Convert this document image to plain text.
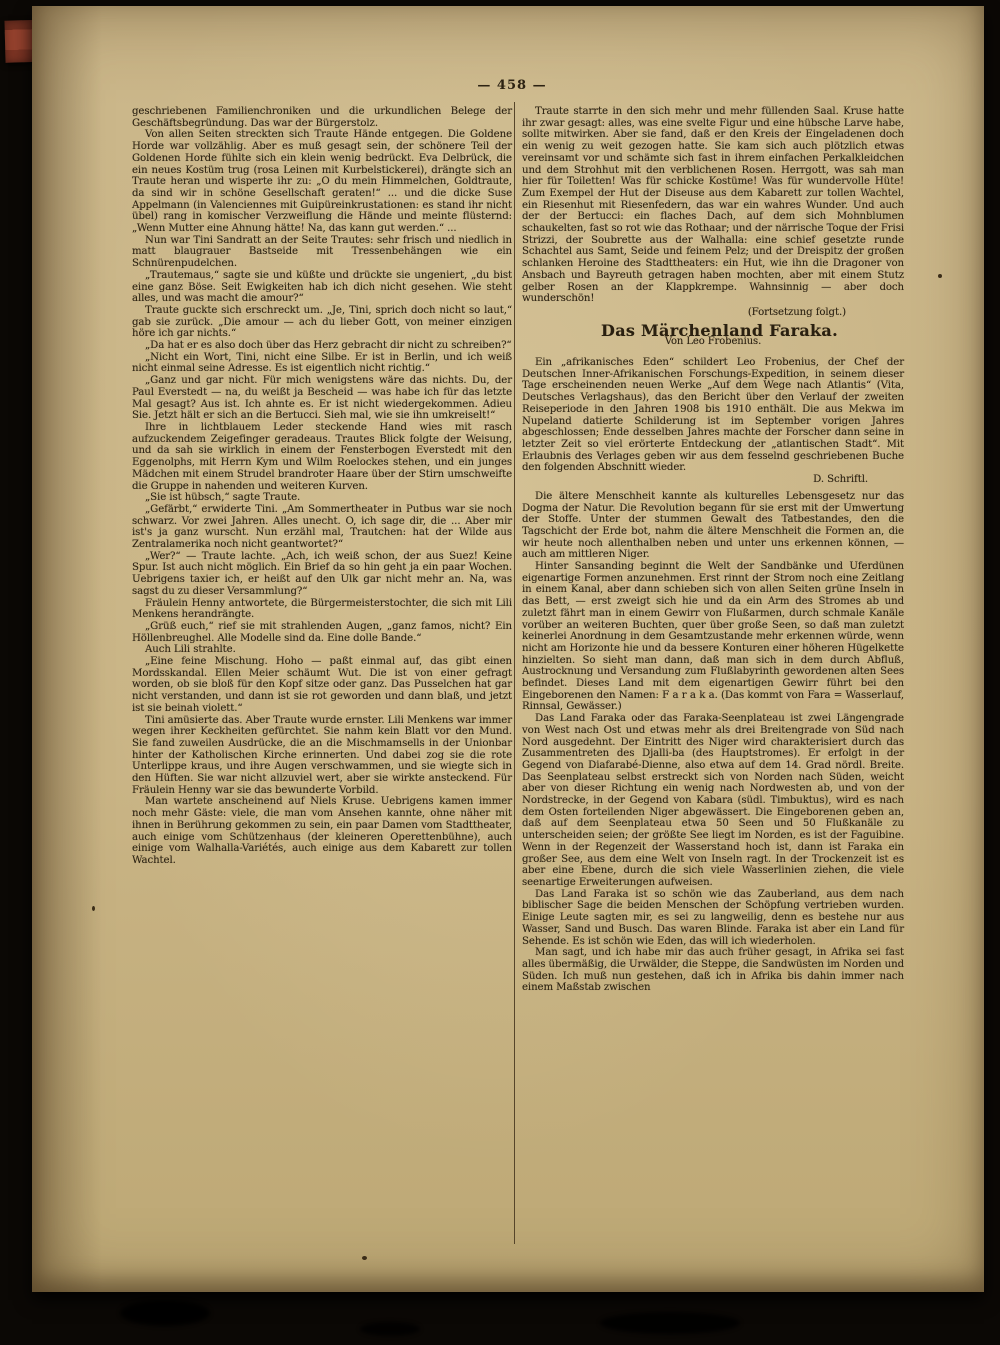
— 458 —

geschriebenen Familienchroniken und die urkundlichen Belege der Geschäftsbegründung. Das war der Bürgerstolz.

Von allen Seiten streckten sich Traute Hände entgegen. Die Goldene Horde war vollzählig. Aber es muß gesagt sein, der schönere Teil der Goldenen Horde fühlte sich ein klein wenig bedrückt. Eva Delbrück, die ein neues Kostüm trug (rosa Leinen mit Kurbelstickerei), drängte sich an Traute heran und wisperte ihr zu: „O du mein Himmelchen, Goldtraute, da sind wir in schöne Gesellschaft geraten!“ ... und die dicke Suse Appelmann (in Valenciennes mit Guipüreinkrustationen: es stand ihr nicht übel) rang in komischer Verzweiflung die Hände und meinte flüsternd: „Wenn Mutter eine Ahnung hätte! Na, das kann gut werden.“ ...

Nun war Tini Sandratt an der Seite Trautes: sehr frisch und niedlich in matt blaugrauer Bastseide mit Tressenbehängen wie ein Schnürenpudelchen.

„Trautemaus,“ sagte sie und küßte und drückte sie ungeniert, „du bist eine ganz Böse. Seit Ewigkeiten hab ich dich nicht gesehen. Wie steht alles, und was macht die amour?“

Traute guckte sich erschreckt um. „Je, Tini, sprich doch nicht so laut,“ gab sie zurück. „Die amour — ach du lieber Gott, von meiner einzigen höre ich gar nichts.“

„Da hat er es also doch über das Herz gebracht dir nicht zu schreiben?“

„Nicht ein Wort, Tini, nicht eine Silbe. Er ist in Berlin, und ich weiß nicht einmal seine Adresse. Es ist eigentlich nicht richtig.“

„Ganz und gar nicht. Für mich wenigstens wäre das nichts. Du, der Paul Everstedt — na, du weißt ja Bescheid — was habe ich für das letzte Mal gesagt? Aus ist. Ich ahnte es. Er ist nicht wiedergekommen. Adieu Sie. Jetzt hält er sich an die Bertucci. Sieh mal, wie sie ihn umkreiselt!“

Ihre in lichtblauem Leder steckende Hand wies mit rasch aufzuckendem Zeigefinger geradeaus. Trautes Blick folgte der Weisung, und da sah sie wirklich in einem der Fensterbogen Everstedt mit den Eggenolphs, mit Herrn Kym und Wilm Roelockes stehen, und ein junges Mädchen mit einem Strudel brandroter Haare über der Stirn umschweifte die Gruppe in nahenden und weiteren Kurven.

„Sie ist hübsch,“ sagte Traute.

„Gefärbt,“ erwiderte Tini. „Am Sommertheater in Putbus war sie noch schwarz. Vor zwei Jahren. Alles unecht. O, ich sage dir, die ... Aber mir ist's ja ganz wurscht. Nun erzähl mal, Trautchen: hat der Wilde aus Zentralamerika noch nicht geantwortet?“

„Wer?“ — Traute lachte. „Ach, ich weiß schon, der aus Suez! Keine Spur. Ist auch nicht möglich. Ein Brief da so hin geht ja ein paar Wochen. Uebrigens taxier ich, er heißt auf den Ulk gar nicht mehr an. Na, was sagst du zu dieser Versammlung?“

Fräulein Henny antwortete, die Bürgermeisterstochter, die sich mit Lili Menkens herandrängte.

„Grüß euch,“ rief sie mit strahlenden Augen, „ganz famos, nicht? Ein Höllenbreughel. Alle Modelle sind da. Eine dolle Bande.“

Auch Lili strahlte.

„Eine feine Mischung. Hoho — paßt einmal auf, das gibt einen Mordsskandal. Ellen Meier schäumt Wut. Die ist von einer gefragt worden, ob sie bloß für den Kopf sitze oder ganz. Das Pusselchen hat gar nicht verstanden, und dann ist sie rot geworden und dann blaß, und jetzt ist sie beinah violett.“

Tini amüsierte das. Aber Traute wurde ernster. Lili Menkens war immer wegen ihrer Keckheiten gefürchtet. Sie nahm kein Blatt vor den Mund. Sie fand zuweilen Ausdrücke, die an die Mischmamsells in der Unionbar hinter der Katholischen Kirche erinnerten. Und dabei zog sie die rote Unterlippe kraus, und ihre Augen verschwammen, und sie wiegte sich in den Hüften. Sie war nicht allzuviel wert, aber sie wirkte ansteckend. Für Fräulein Henny war sie das bewunderte Vorbild.

Man wartete anscheinend auf Niels Kruse. Uebrigens kamen immer noch mehr Gäste: viele, die man vom Ansehen kannte, ohne näher mit ihnen in Berührung gekommen zu sein, ein paar Damen vom Stadttheater, auch einige vom Schützenhaus (der kleineren Operettenbühne), auch einige vom Walhalla-Variétés, auch einige aus dem Kabarett zur tollen Wachtel.

Traute starrte in den sich mehr und mehr füllenden Saal. Kruse hatte ihr zwar gesagt: alles, was eine svelte Figur und eine hübsche Larve habe, sollte mitwirken. Aber sie fand, daß er den Kreis der Eingeladenen doch ein wenig zu weit gezogen hatte. Sie kam sich auch plötzlich etwas vereinsamt vor und schämte sich fast in ihrem einfachen Perkalkleidchen und dem Strohhut mit den verblichenen Rosen. Herrgott, was sah man hier für Toiletten! Was für schicke Kostüme! Was für wundervolle Hüte! Zum Exempel der Hut der Diseuse aus dem Kabarett zur tollen Wachtel, ein Riesenhut mit Riesenfedern, das war ein wahres Wunder. Und auch der der Bertucci: ein flaches Dach, auf dem sich Mohnblumen schaukelten, fast so rot wie das Rothaar; und der närrische Toque der Frisi Strizzi, der Soubrette aus der Walhalla: eine schief gesetzte runde Schachtel aus Samt, Seide und feinem Pelz; und der Dreispitz der großen schlanken Heroine des Stadttheaters: ein Hut, wie ihn die Dragoner von Ansbach und Bayreuth getragen haben mochten, aber mit einem Stutz gelber Rosen an der Klappkrempe. Wahnsinnig — aber doch wunderschön!

(Fortsetzung folgt.)

Das Märchenland Faraka.

Von Leo Frobenius.

Ein „afrikanisches Eden“ schildert Leo Frobenius, der Chef der Deutschen Inner-Afrikanischen Forschungs-Expedition, in seinem dieser Tage erscheinenden neuen Werke „Auf dem Wege nach Atlantis“ (Vita, Deutsches Verlagshaus), das den Bericht über den Verlauf der zweiten Reiseperiode in den Jahren 1908 bis 1910 enthält. Die aus Mekwa im Nupeland datierte Schilderung ist im September vorigen Jahres abgeschlossen; Ende desselben Jahres machte der Forscher dann seine in letzter Zeit so viel erörterte Entdeckung der „atlantischen Stadt“. Mit Erlaubnis des Verlages geben wir aus dem fesselnd geschriebenen Buche den folgenden Abschnitt wieder.

D. Schriftl.

Die ältere Menschheit kannte als kulturelles Lebensgesetz nur das Dogma der Natur. Die Revolution begann für sie erst mit der Umwertung der Stoffe. Unter der stummen Gewalt des Tatbestandes, den die Tagschicht der Erde bot, nahm die ältere Menschheit die Formen an, die wir heute noch allenthalben neben und unter uns erkennen können, — auch am mittleren Niger.

Hinter Sansanding beginnt die Welt der Sandbänke und Uferdünen eigenartige Formen anzunehmen. Erst rinnt der Strom noch eine Zeitlang in einem Kanal, aber dann schieben sich von allen Seiten grüne Inseln in das Bett, — erst zweigt sich hie und da ein Arm des Stromes ab und zuletzt fährt man in einem Gewirr von Flußarmen, durch schmale Kanäle vorüber an weiteren Buchten, quer über große Seen, so daß man zuletzt keinerlei Anordnung in dem Gesamtzustande mehr erkennen würde, wenn nicht am Horizonte hie und da bessere Konturen einer höheren Hügelkette hinzielten. So sieht man dann, daß man sich in dem durch Abfluß, Austrocknung und Versandung zum Flußlabyrinth gewordenen alten Sees befindet. Dieses Land mit dem eigenartigen Gewirr führt bei den Eingeborenen den Namen: F a r a k a. (Das kommt von Fara = Wasserlauf, Rinnsal, Gewässer.)

Das Land Faraka oder das Faraka-Seenplateau ist zwei Längengrade von West nach Ost und etwas mehr als drei Breitengrade von Süd nach Nord ausgedehnt. Der Eintritt des Niger wird charakterisiert durch das Zusammentreten des Djalli-ba (des Hauptstromes). Er erfolgt in der Gegend von Diafarabé-Dienne, also etwa auf dem 14. Grad nördl. Breite. Das Seenplateau selbst erstreckt sich von Norden nach Süden, weicht aber von dieser Richtung ein wenig nach Nordwesten ab, und von der Nordstrecke, in der Gegend von Kabara (südl. Timbuktus), wird es nach dem Osten forteilenden Niger abgewässert. Die Eingeborenen geben an, daß auf dem Seenplateau etwa 50 Seen und 50 Flußkanäle zu unterscheiden seien; der größte See liegt im Norden, es ist der Faguibine. Wenn in der Regenzeit der Wasserstand hoch ist, dann ist Faraka ein großer See, aus dem eine Welt von Inseln ragt. In der Trockenzeit ist es aber eine Ebene, durch die sich viele Wasserlinien ziehen, die viele seenartige Erweiterungen aufweisen.

Das Land Faraka ist so schön wie das Zauberland, aus dem nach biblischer Sage die beiden Menschen der Schöpfung vertrieben wurden. Einige Leute sagten mir, es sei zu langweilig, denn es bestehe nur aus Wasser, Sand und Busch. Das waren Blinde. Faraka ist aber ein Land für Sehende. Es ist schön wie Eden, das will ich wiederholen.

Man sagt, und ich habe mir das auch früher gesagt, in Afrika sei fast alles übermäßig, die Urwälder, die Steppe, die Sandwüsten im Norden und Süden. Ich muß nun gestehen, daß ich in Afrika bis dahin immer nach einem Maßstab zwischen
